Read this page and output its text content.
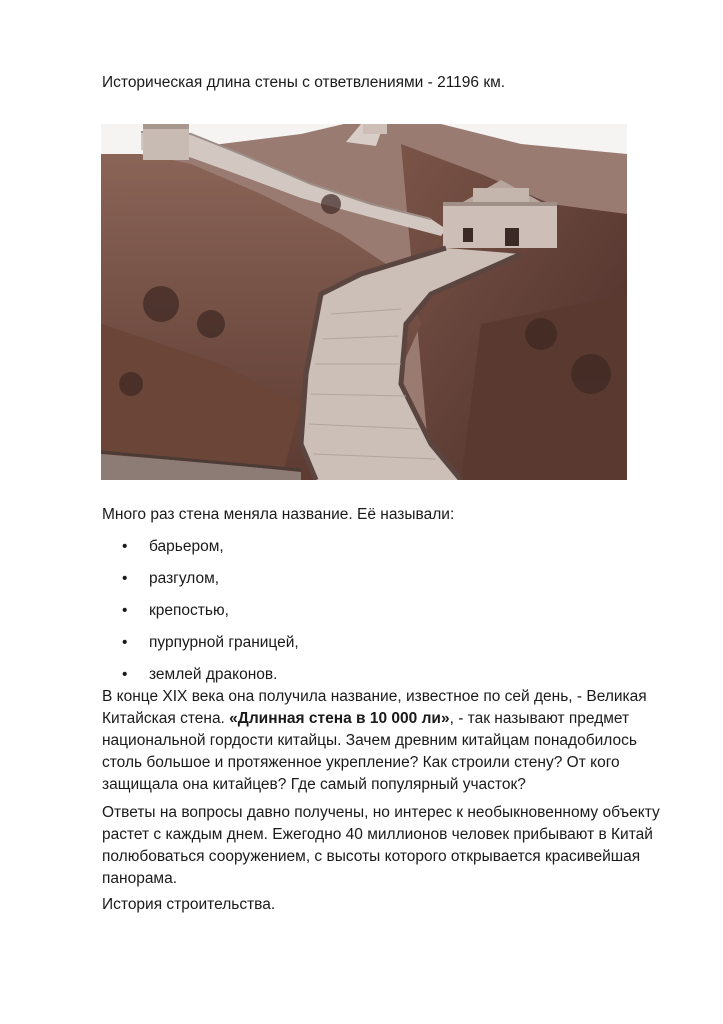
Историческая длина стены с ответвлениями - 21196 км.
Много раз стена меняла название. Её называли:
• барьером,
• разгулом,
• крепостью,
• пурпурной границей,
• землей драконов.

В конце XIX века она получила название, известное по сей день, - Великая

Китайская стена. «Длинная стена в 10 000 ли», - так называют предмет

национальной гордости китайцы. Зачем древним китайцам понадобилось

столь большое и протяженное укрепление? Как строили стену? От кого

защищала она китайцев? Где самый популярный участок?

Ответы на вопросы давно получены, но интерес к необыкновенному объекту

растет с каждым днем. Ежегодно 40 миллионов человек прибывают в Китай

полюбоваться сооружением, с высоты которого открывается красивейшая

панорама.

История строительства.
